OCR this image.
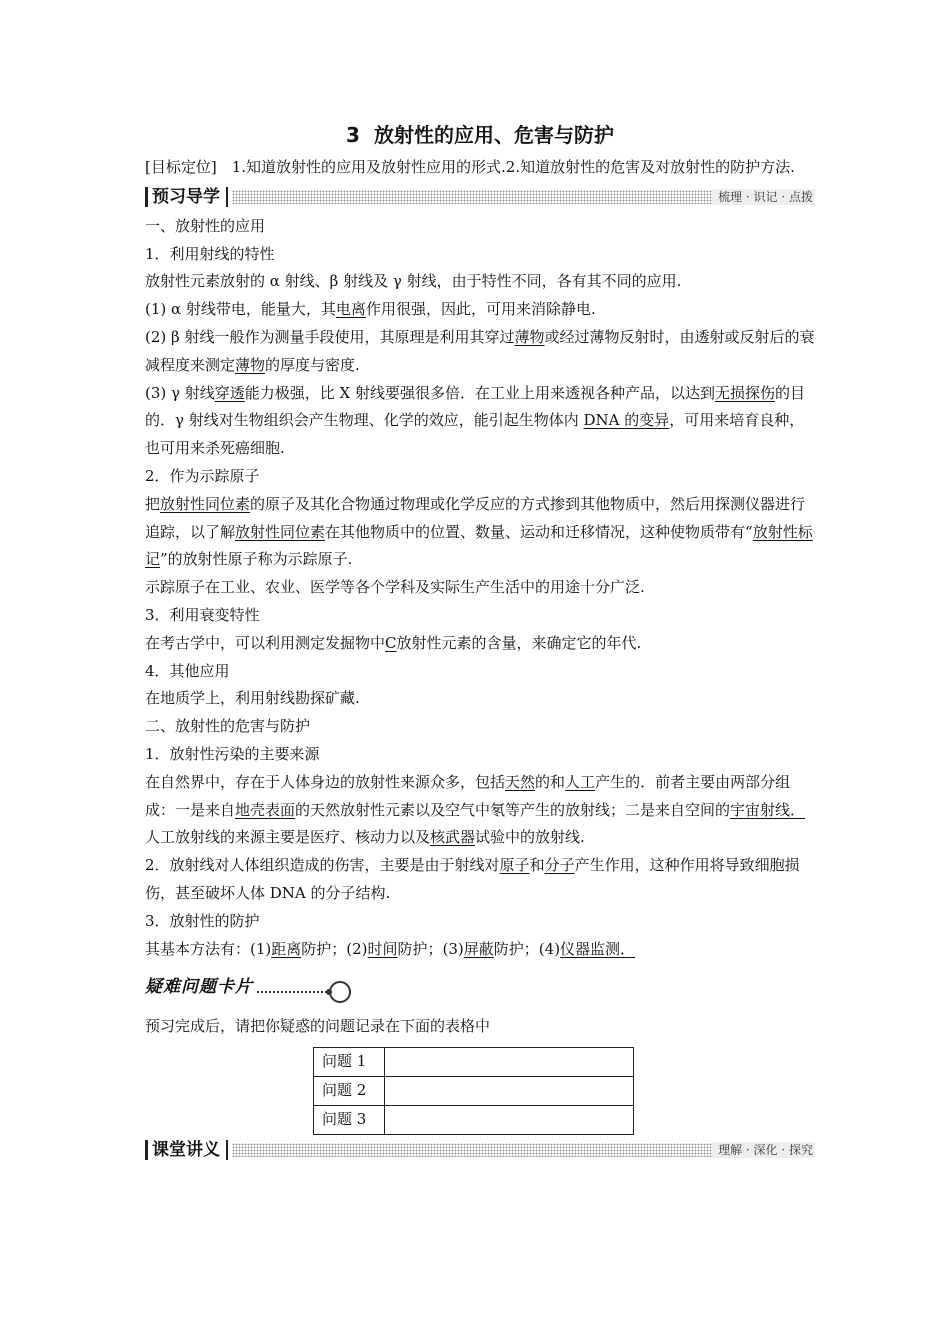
3 放射性的应用、危害与防护

[目标定位]　1.知道放射性的应用及放射性应用的形式.2.知道放射性的危害及对放射性的防护方法.

预习导学	梳理 · 识记 · 点拨

一、放射性的应用

1．利用射线的特性

放射性元素放射的 α 射线、β 射线及 γ 射线，由于特性不同，各有其不同的应用.

(1) α 射线带电，能量大，其电离作用很强，因此，可用来消除静电.

(2) β 射线一般作为测量手段使用，其原理是利用其穿过薄物或经过薄物反射时，由透射或反射后的衰减程度来测定薄物的厚度与密度.

(3) γ 射线穿透能力极强，比 X 射线要强很多倍．在工业上用来透视各种产品，以达到无损探伤的目的．γ 射线对生物组织会产生物理、化学的效应，能引起生物体内 DNA 的变异，可用来培育良种，也可用来杀死癌细胞.

2．作为示踪原子

把放射性同位素的原子及其化合物通过物理或化学反应的方式掺到其他物质中，然后用探测仪器进行追踪，以了解放射性同位素在其他物质中的位置、数量、运动和迁移情况，这种使物质带有“放射性标记”的放射性原子称为示踪原子.

示踪原子在工业、农业、医学等各个学科及实际生产生活中的用途十分广泛.

3．利用衰变特性

在考古学中，可以利用测定发掘物中C放射性元素的含量，来确定它的年代.

4．其他应用

在地质学上，利用射线勘探矿藏.

二、放射性的危害与防护

1．放射性污染的主要来源

在自然界中，存在于人体身边的放射性来源众多，包括天然的和人工产生的．前者主要由两部分组成：一是来自地壳表面的天然放射性元素以及空气中氡等产生的放射线；二是来自空间的宇宙射线．人工放射线的来源主要是医疗、核动力以及核武器试验中的放射线.

2．放射线对人体组织造成的伤害，主要是由于射线对原子和分子产生作用，这种作用将导致细胞损伤，甚至破坏人体 DNA 的分子结构.

3．放射性的防护

其基本方法有：(1)距离防护；(2)时间防护；(3)屏蔽防护；(4)仪器监测．

疑难问题卡片

预习完成后，请把你疑惑的问题记录在下面的表格中

问题 1	
问题 2	
问题 3	
课堂讲义	理解 · 深化 · 探究
